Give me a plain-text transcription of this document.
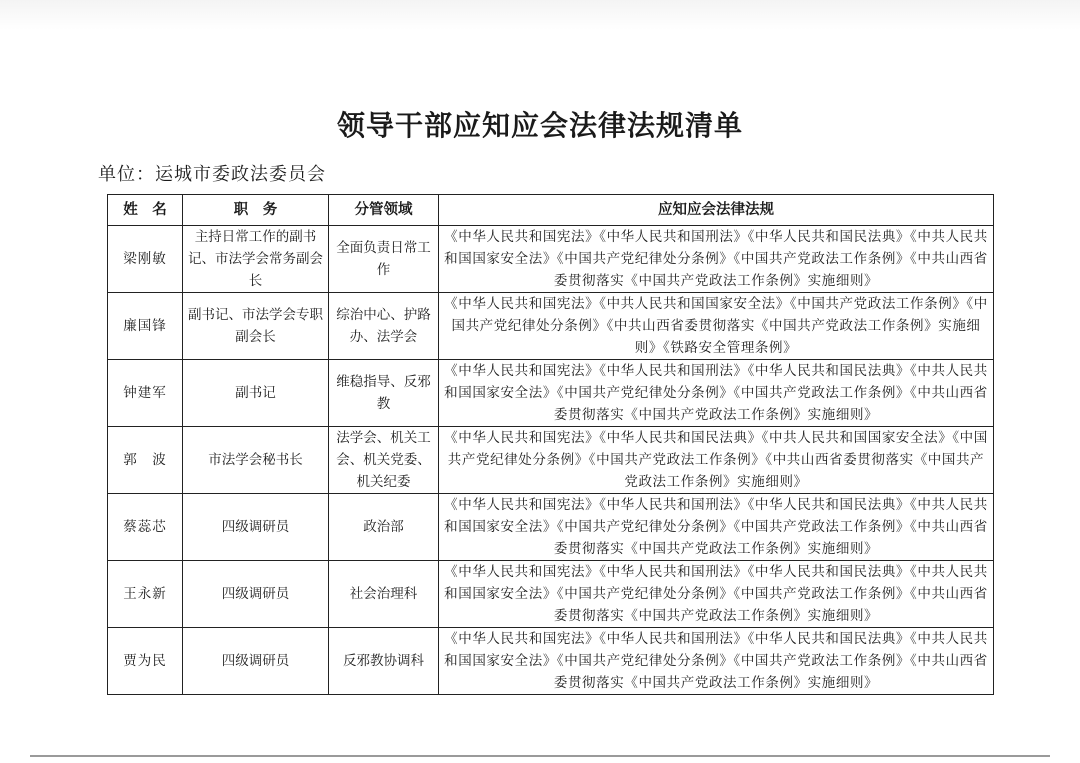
领导干部应知应会法律法规清单
单位：运城市委政法委员会
姓　名	职　务	分管领域	应知应会法律法规
梁刚敏	主持日常工作的副书记、市法学会常务副会长	全面负责日常工作	《中华人民共和国宪法》《中华人民共和国刑法》《中华人民共和国民法典》《中共人民共和国国家安全法》《中国共产党纪律处分条例》《中国共产党政法工作条例》《中共山西省委贯彻落实《中国共产党政法工作条例》实施细则》
廉国锋	副书记、市法学会专职副会长	综治中心、护路办、法学会	《中华人民共和国宪法》《中共人民共和国国家安全法》《中国共产党政法工作条例》《中国共产党纪律处分条例》《中共山西省委贯彻落实《中国共产党政法工作条例》实施细则》《铁路安全管理条例》
钟建军	副书记	维稳指导、反邪教	《中华人民共和国宪法》《中华人民共和国刑法》《中华人民共和国民法典》《中共人民共和国国家安全法》《中国共产党纪律处分条例》《中国共产党政法工作条例》《中共山西省委贯彻落实《中国共产党政法工作条例》实施细则》
郭　波	市法学会秘书长	法学会、机关工会、机关党委、机关纪委	《中华人民共和国宪法》《中华人民共和国民法典》《中共人民共和国国家安全法》《中国共产党纪律处分条例》《中国共产党政法工作条例》《中共山西省委贯彻落实《中国共产党政法工作条例》实施细则》
蔡蕊芯	四级调研员	政治部	《中华人民共和国宪法》《中华人民共和国刑法》《中华人民共和国民法典》《中共人民共和国国家安全法》《中国共产党纪律处分条例》《中国共产党政法工作条例》《中共山西省委贯彻落实《中国共产党政法工作条例》实施细则》
王永新	四级调研员	社会治理科	《中华人民共和国宪法》《中华人民共和国刑法》《中华人民共和国民法典》《中共人民共和国国家安全法》《中国共产党纪律处分条例》《中国共产党政法工作条例》《中共山西省委贯彻落实《中国共产党政法工作条例》实施细则》
贾为民	四级调研员	反邪教协调科	《中华人民共和国宪法》《中华人民共和国刑法》《中华人民共和国民法典》《中共人民共和国国家安全法》《中国共产党纪律处分条例》《中国共产党政法工作条例》《中共山西省委贯彻落实《中国共产党政法工作条例》实施细则》
